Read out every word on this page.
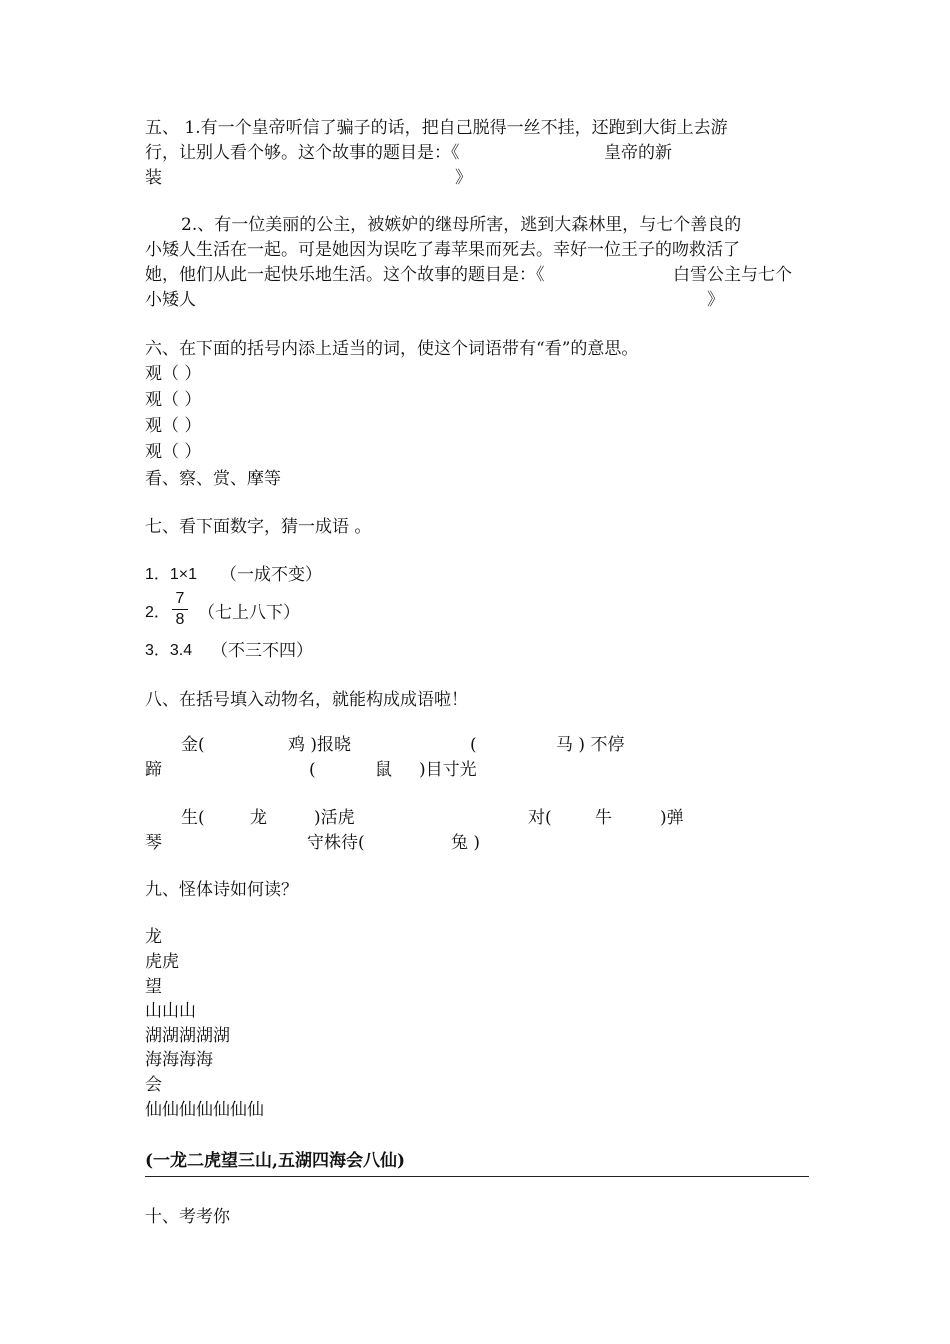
五、 1.有一个皇帝听信了骗子的话，把自己脱得一丝不挂，还跑到大街上去游
行，让别人看个够。这个故事的题目是：《	皇帝的新
装	》
2.、有一位美丽的公主，被嫉妒的继母所害，逃到大森林里，与七个善良的
小矮人生活在一起。可是她因为误吃了毒苹果而死去。幸好一位王子的吻救活了
她，他们从此一起快乐地生活。这个故事的题目是：《	白雪公主与七个
小矮人	》
六、在下面的括号内添上适当的词，使这个词语带有“看”的意思。
观（ ）
观（ ）
观（ ）
观（ ）
看、察、赏、摩等
七、看下面数字，猜一成语 。
1．1×1 （一成不变）
2．
7
8 （七上八下）
3．3.4 （不三不四）
八、在括号填入动物名，就能构成成语啦！
金(	鸡 )报晓	(	马 ) 不停
蹄	(	鼠 )目寸光
生(	龙	)活虎	对(	牛	)弹
琴	守株待(	兔 )
九、怪体诗如何读？
龙
虎虎
望
山山山
湖湖湖湖湖
海海海海
会
仙仙仙仙仙仙仙
(一龙二虎望三山,五湖四海会八仙)
十、考考你
